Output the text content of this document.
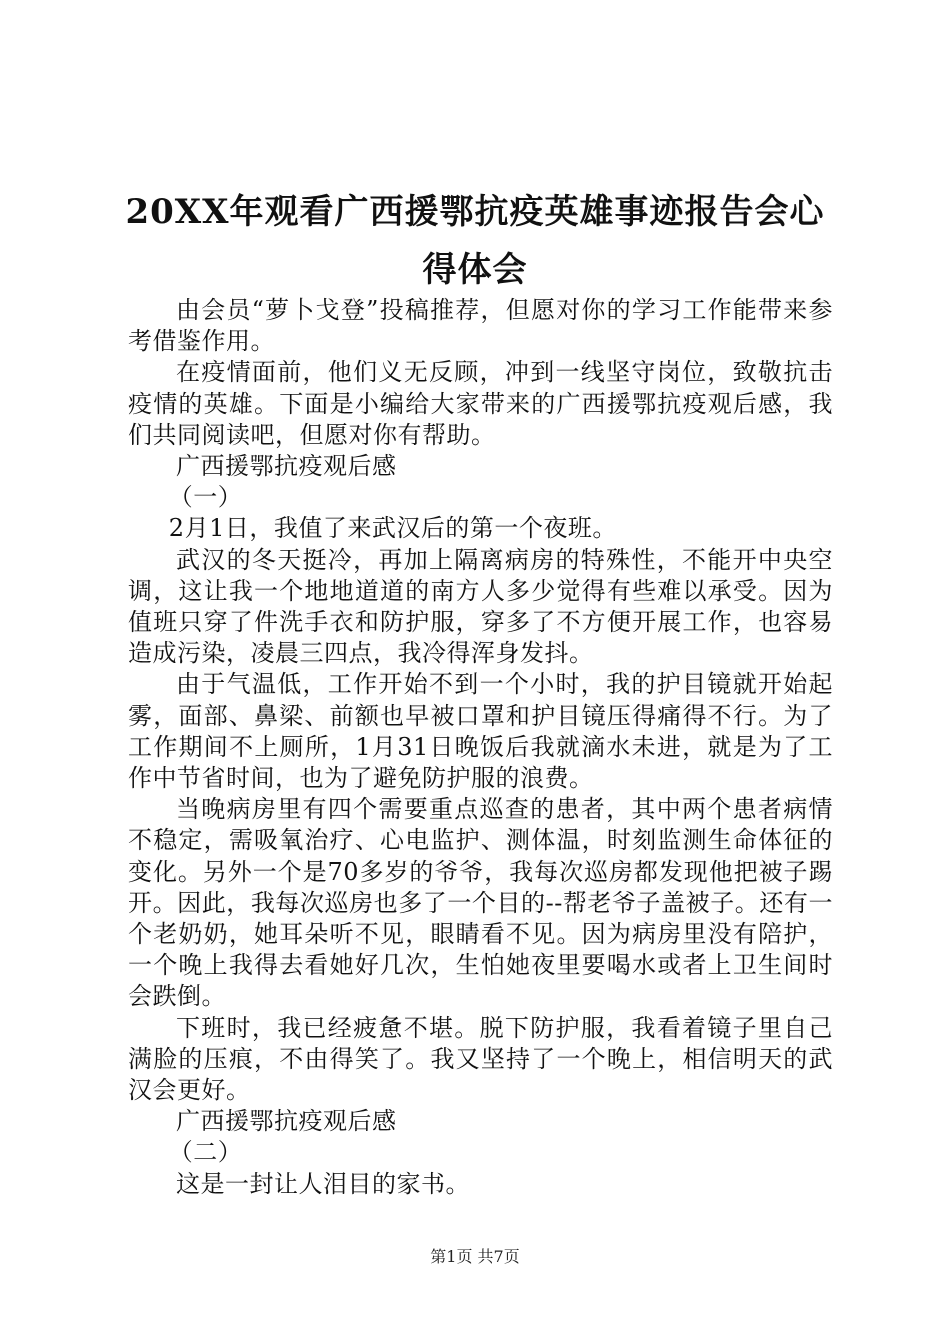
20XX年观看广西援鄂抗疫英雄事迹报告会心
得体会

由会员“萝卜戈登”投稿推荐，但愿对你的学习工作能带来参考借鉴作用。

在疫情面前，他们义无反顾，冲到一线坚守岗位，致敬抗击疫情的英雄。下面是小编给大家带来的广西援鄂抗疫观后感，我们共同阅读吧，但愿对你有帮助。

广西援鄂抗疫观后感

（一）

2月1日，我值了来武汉后的第一个夜班。

武汉的冬天挺冷，再加上隔离病房的特殊性，不能开中央空调，这让我一个地地道道的南方人多少觉得有些难以承受。因为值班只穿了件洗手衣和防护服，穿多了不方便开展工作，也容易造成污染，凌晨三四点，我冷得浑身发抖。

由于气温低，工作开始不到一个小时，我的护目镜就开始起雾，面部、鼻梁、前额也早被口罩和护目镜压得痛得不行。为了工作期间不上厕所，1月31日晚饭后我就滴水未进，就是为了工作中节省时间，也为了避免防护服的浪费。

当晚病房里有四个需要重点巡查的患者，其中两个患者病情不稳定，需吸氧治疗、心电监护、测体温，时刻监测生命体征的变化。另外一个是70多岁的爷爷，我每次巡房都发现他把被子踢开。因此，我每次巡房也多了一个目的--帮老爷子盖被子。还有一个老奶奶，她耳朵听不见，眼睛看不见。因为病房里没有陪护，一个晚上我得去看她好几次，生怕她夜里要喝水或者上卫生间时会跌倒。

下班时，我已经疲惫不堪。脱下防护服，我看着镜子里自己满脸的压痕，不由得笑了。我又坚持了一个晚上，相信明天的武汉会更好。

广西援鄂抗疫观后感

（二）

这是一封让人泪目的家书。

第1页 共7页
